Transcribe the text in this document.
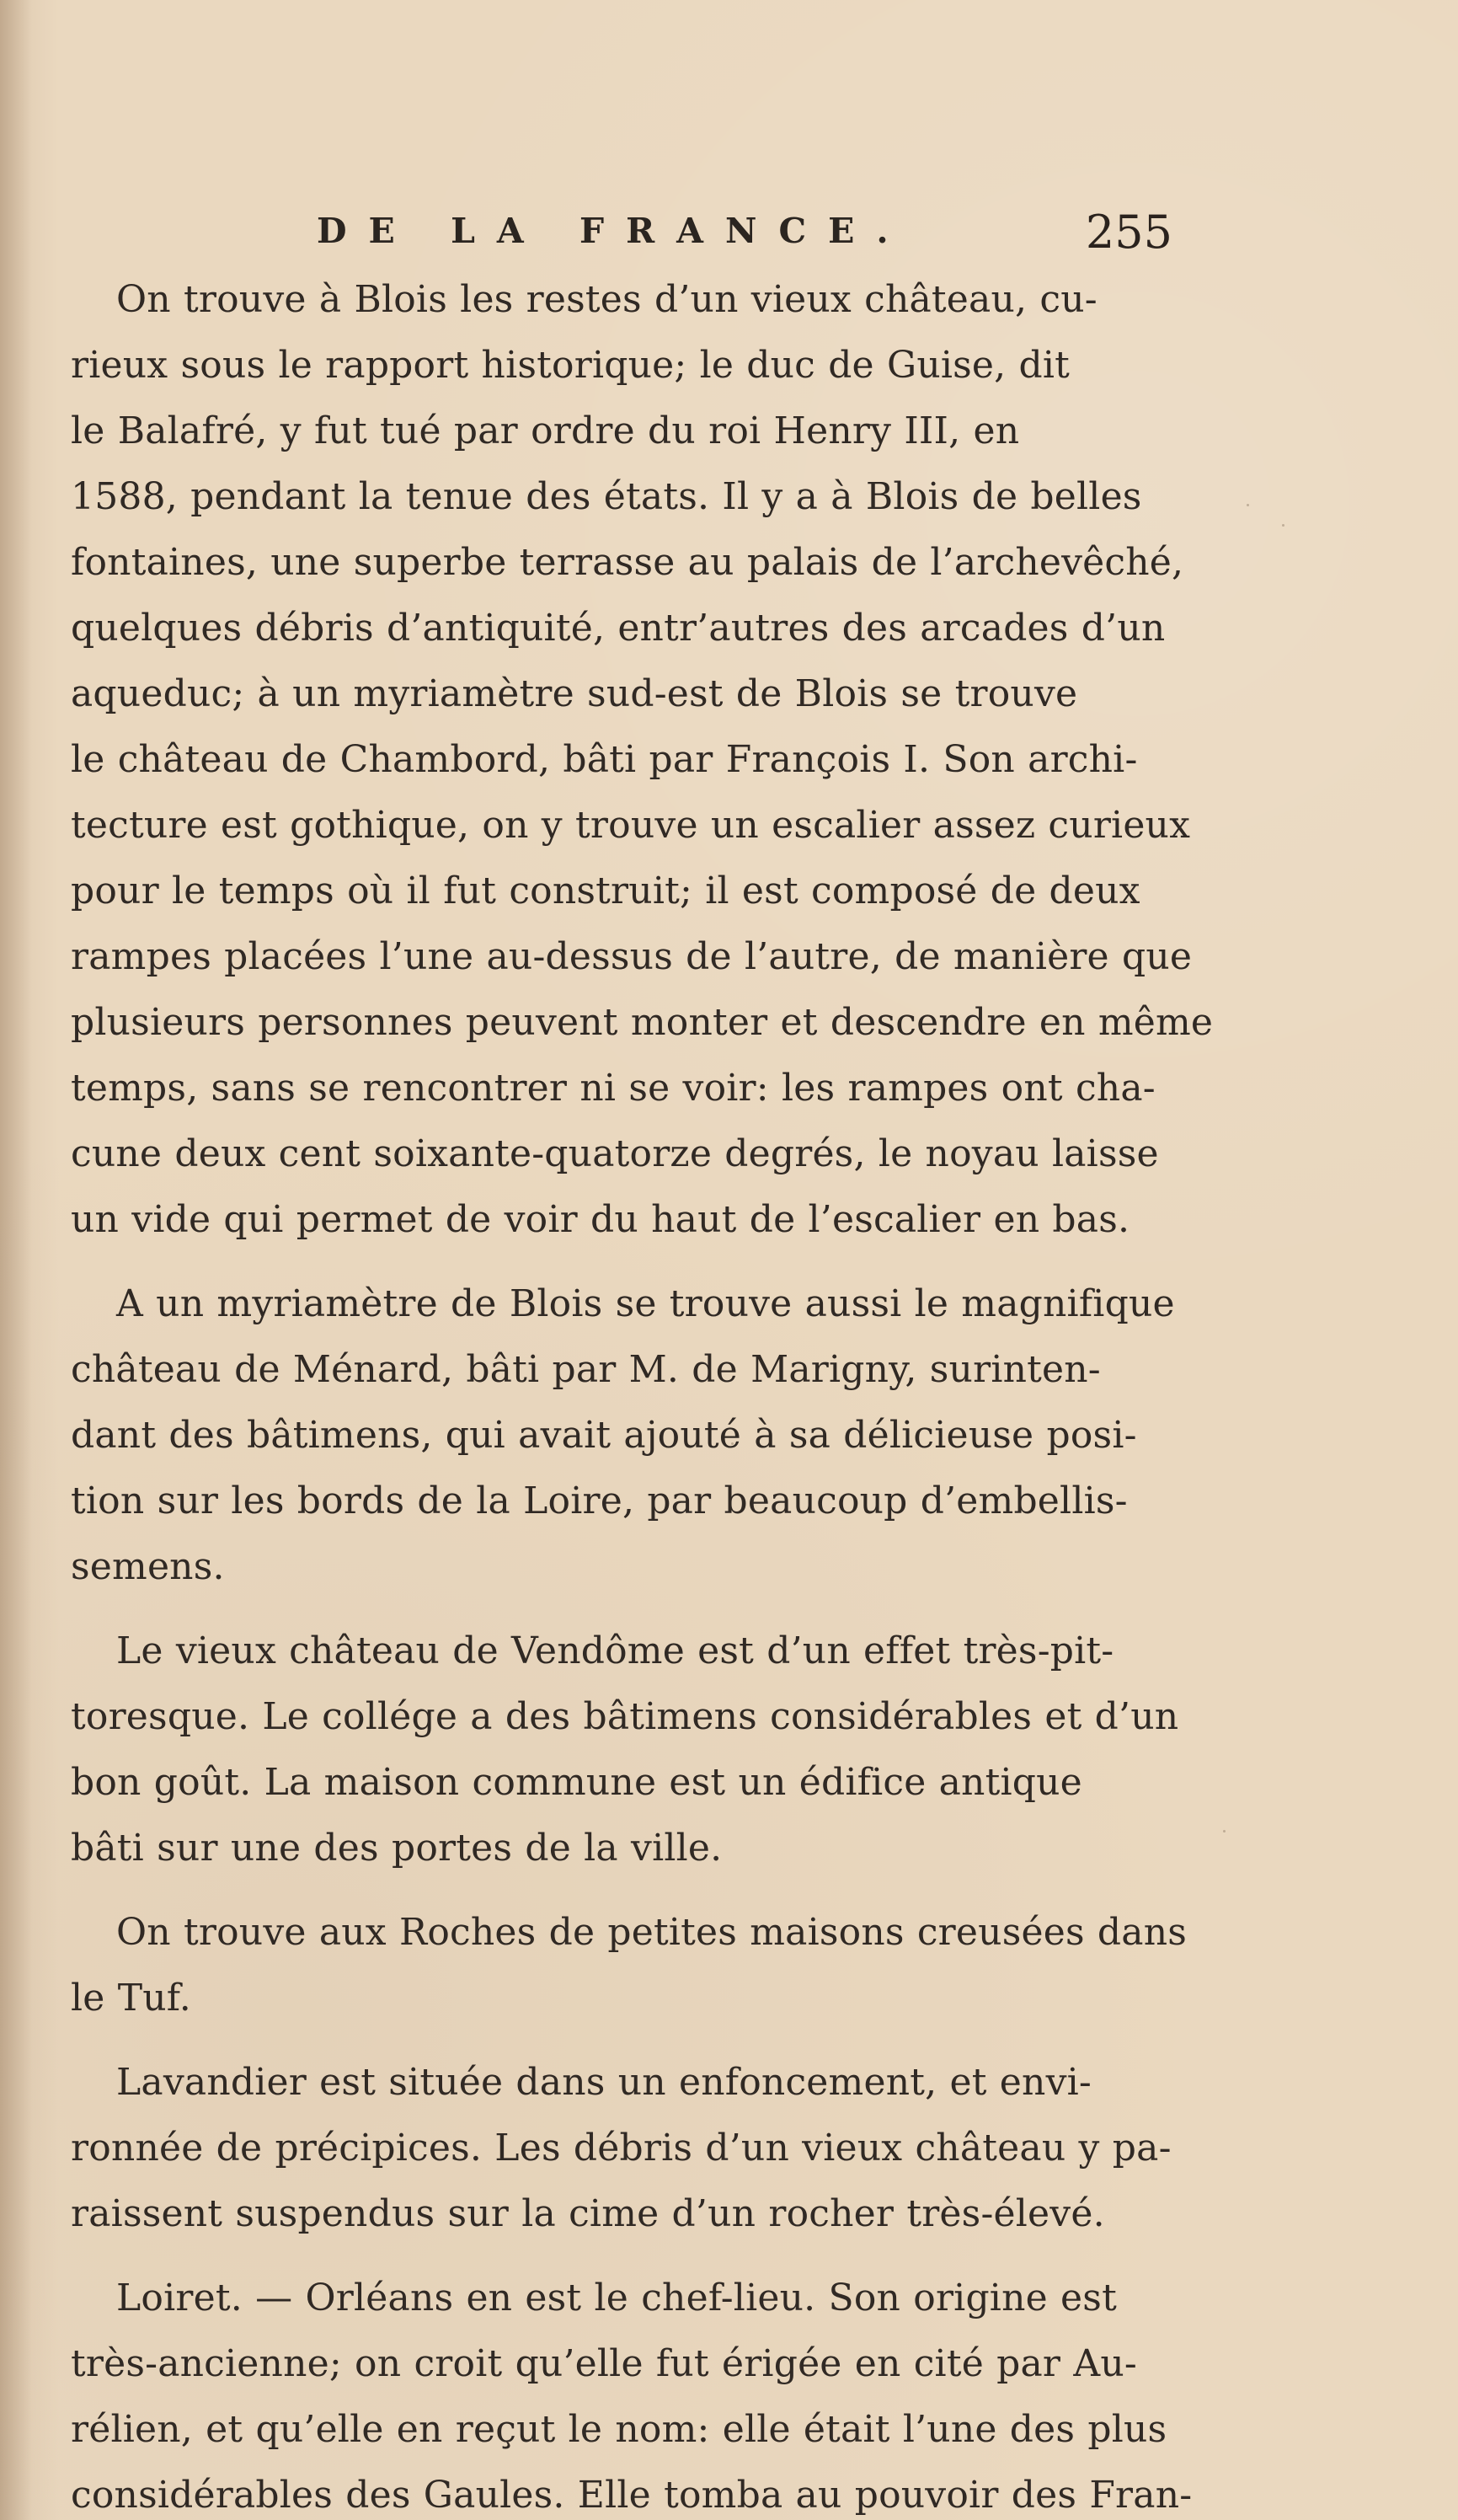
DE LA FRANCE.	255
On trouve à Blois les restes d’un vieux château, cu-
rieux sous le rapport historique; le duc de Guise, dit
le Balafré, y fut tué par ordre du roi Henry III, en
1588, pendant la tenue des états. Il y a à Blois de belles
fontaines, une superbe terrasse au palais de l’archevêché,
quelques débris d’antiquité, entr’autres des arcades d’un
aqueduc; à un myriamètre sud-est de Blois se trouve
le château de Chambord, bâti par François I. Son archi-
tecture est gothique, on y trouve un escalier assez curieux
pour le temps où il fut construit; il est composé de deux
rampes placées l’une au-dessus de l’autre, de manière que
plusieurs personnes peuvent monter et descendre en même
temps, sans se rencontrer ni se voir: les rampes ont cha-
cune deux cent soixante-quatorze degrés, le noyau laisse
un vide qui permet de voir du haut de l’escalier en bas.
A un myriamètre de Blois se trouve aussi le magnifique
château de Ménard, bâti par M. de Marigny, surinten-
dant des bâtimens, qui avait ajouté à sa délicieuse posi-
tion sur les bords de la Loire, par beaucoup d’embellis-
semens.
Le vieux château de Vendôme est d’un effet très-pit-
toresque. Le collége a des bâtimens considérables et d’un
bon goût. La maison commune est un édifice antique
bâti sur une des portes de la ville.
On trouve aux Roches de petites maisons creusées dans
le Tuf.
Lavandier est située dans un enfoncement, et envi-
ronnée de précipices. Les débris d’un vieux château y pa-
raissent suspendus sur la cime d’un rocher très-élevé.
Loiret. — Orléans en est le chef-lieu. Son origine est
très-ancienne; on croit qu’elle fut érigée en cité par Au-
rélien, et qu’elle en reçut le nom: elle était l’une des plus
considérables des Gaules. Elle tomba au pouvoir des Fran-
